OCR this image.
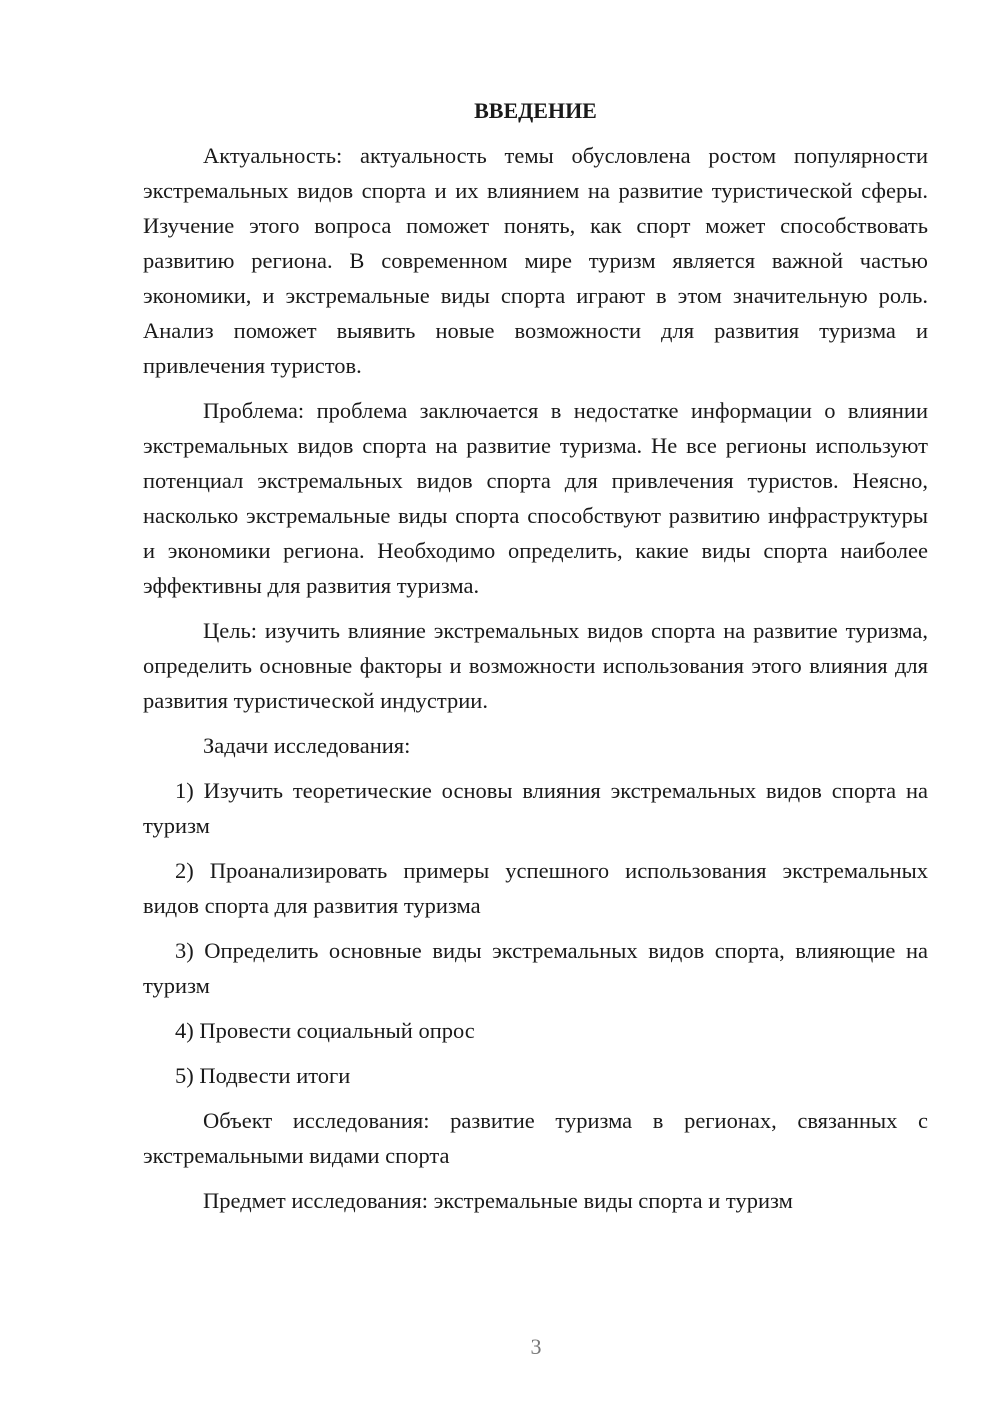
ВВЕДЕНИЕ

Актуальность: актуальность темы обусловлена ростом популярности экстремальных видов спорта и их влиянием на развитие туристической сферы. Изучение этого вопроса поможет понять, как спорт может способствовать развитию региона. В современном мире туризм является важной частью экономики, и экстремальные виды спорта играют в этом значительную роль. Анализ поможет выявить новые возможности для развития туризма и привлечения туристов.

Проблема: проблема заключается в недостатке информации о влиянии экстремальных видов спорта на развитие туризма. Не все регионы используют потенциал экстремальных видов спорта для привлечения туристов. Неясно, насколько экстремальные виды спорта способствуют развитию инфраструктуры и экономики региона. Необходимо определить, какие виды спорта наиболее эффективны для развития туризма.

Цель: изучить влияние экстремальных видов спорта на развитие туризма, определить основные факторы и возможности использования этого влияния для развития туристической индустрии.

Задачи исследования:

1) Изучить теоретические основы влияния экстремальных видов спорта на туризм

2) Проанализировать примеры успешного использования экстремальных видов спорта для развития туризма

3) Определить основные виды экстремальных видов спорта, влияющие на туризм

4) Провести социальный опрос

5) Подвести итоги

Объект исследования: развитие туризма в регионах, связанных с экстремальными видами спорта

Предмет исследования: экстремальные виды спорта и туризм

3
